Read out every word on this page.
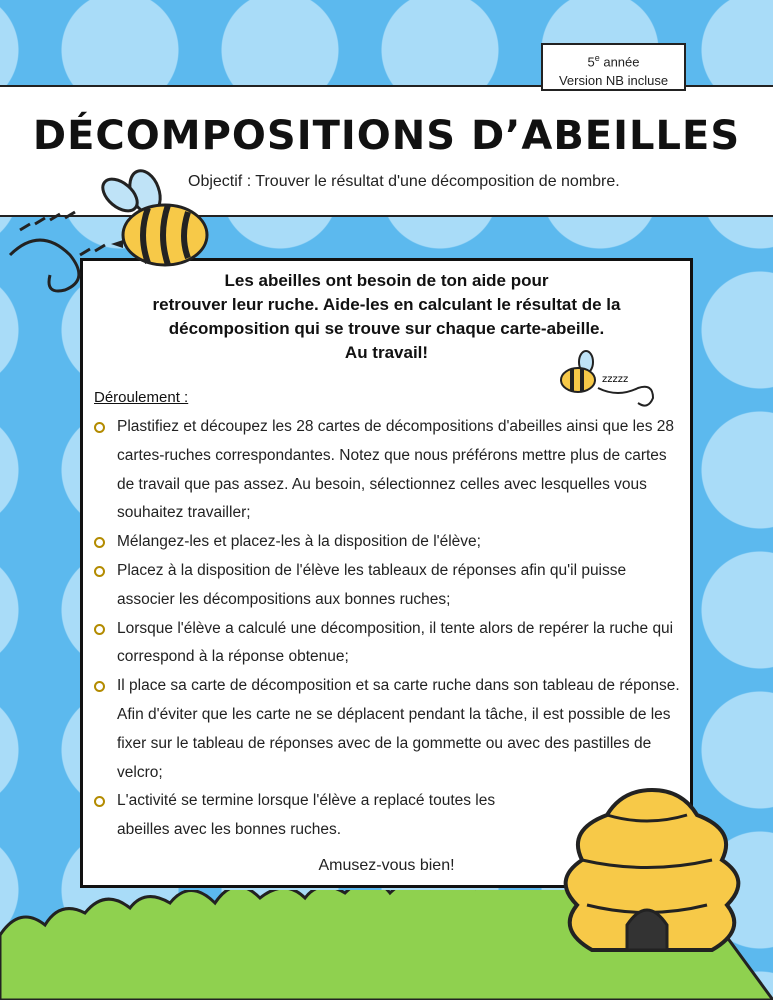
5e année
Version NB incluse
DÉCOMPOSITIONS D’ABEILLES
Objectif : Trouver le résultat d'une décomposition de nombre.
Les abeilles ont besoin de ton aide pour
retrouver leur ruche. Aide-les en calculant le résultat de la
décomposition qui se trouve sur chaque carte-abeille.
Au travail!
Déroulement :
Plastifiez et découpez les 28 cartes de décompositions d'abeilles ainsi que les 28 cartes-ruches correspondantes. Notez que nous préférons mettre plus de cartes de travail que pas assez. Au besoin, sélectionnez celles avec lesquelles vous souhaitez travailler;
Mélangez-les et placez-les à la disposition de l'élève;
Placez à la disposition de l'élève les tableaux de réponses afin qu'il puisse associer les décompositions aux bonnes ruches;
Lorsque l'élève a calculé une décomposition, il tente alors de repérer la ruche qui correspond à la réponse obtenue;
Il place sa carte de décomposition et sa carte ruche dans son tableau de réponse. Afin d'éviter que les carte ne se déplacent pendant la tâche, il est possible de les fixer sur le tableau de réponses avec de la gommette ou avec des pastilles de velcro;
L'activité se termine lorsque l'élève a replacé toutes les abeilles avec les bonnes ruches.
Amusez-vous bien!
zzzzz
